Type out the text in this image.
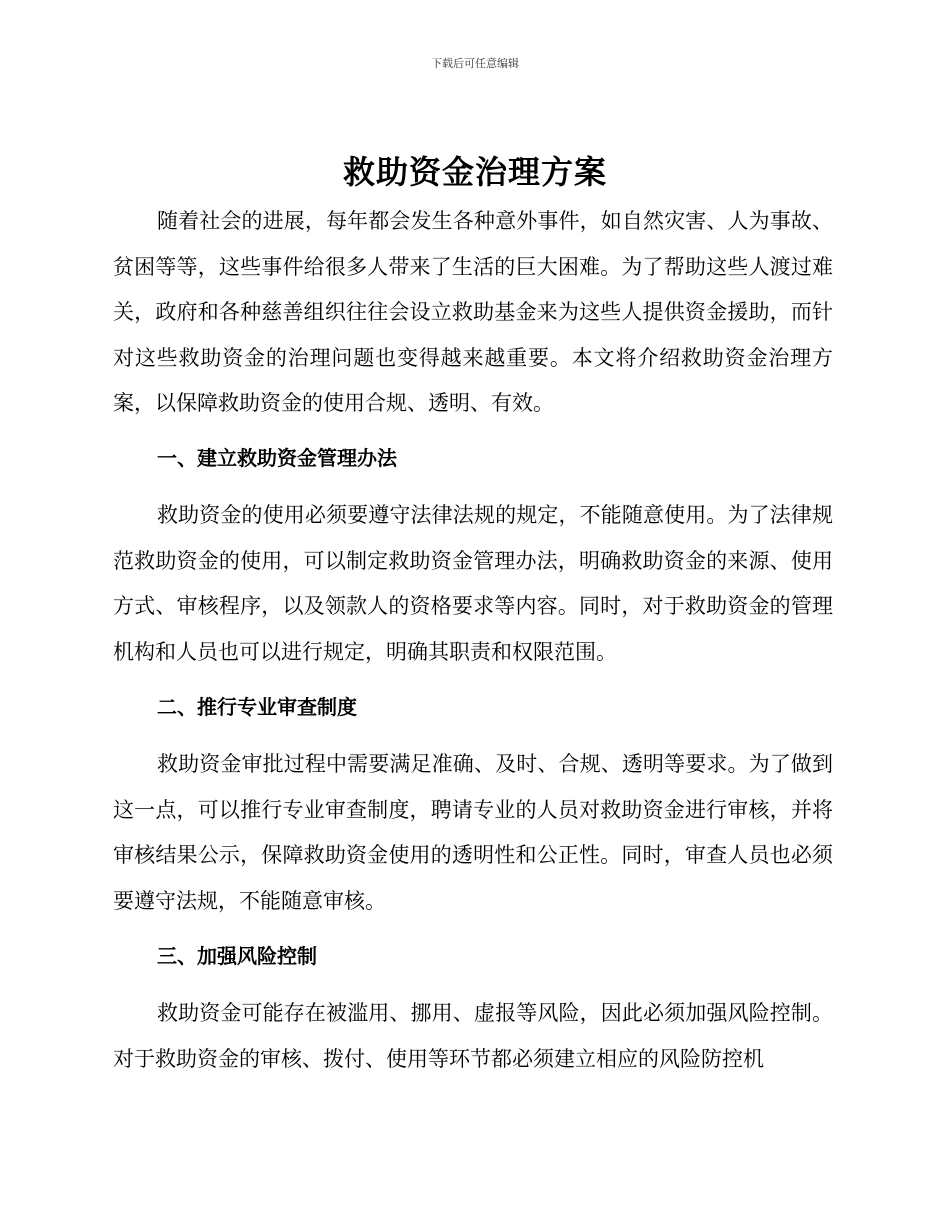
下载后可任意编辑
救助资金治理方案

随着社会的进展，每年都会发生各种意外事件，如自然灾害、人为事故、贫困等等，这些事件给很多人带来了生活的巨大困难。为了帮助这些人渡过难关，政府和各种慈善组织往往会设立救助基金来为这些人提供资金援助，而针对这些救助资金的治理问题也变得越来越重要。本文将介绍救助资金治理方案，以保障救助资金的使用合规、透明、有效。

一、建立救助资金管理办法

救助资金的使用必须要遵守法律法规的规定，不能随意使用。为了法律规范救助资金的使用，可以制定救助资金管理办法，明确救助资金的来源、使用方式、审核程序，以及领款人的资格要求等内容。同时，对于救助资金的管理机构和人员也可以进行规定，明确其职责和权限范围。

二、推行专业审查制度

救助资金审批过程中需要满足准确、及时、合规、透明等要求。为了做到这一点，可以推行专业审查制度，聘请专业的人员对救助资金进行审核，并将审核结果公示，保障救助资金使用的透明性和公正性。同时，审查人员也必须要遵守法规，不能随意审核。

三、加强风险控制

救助资金可能存在被滥用、挪用、虚报等风险，因此必须加强风险控制。对于救助资金的审核、拨付、使用等环节都必须建立相应的风险防控机
